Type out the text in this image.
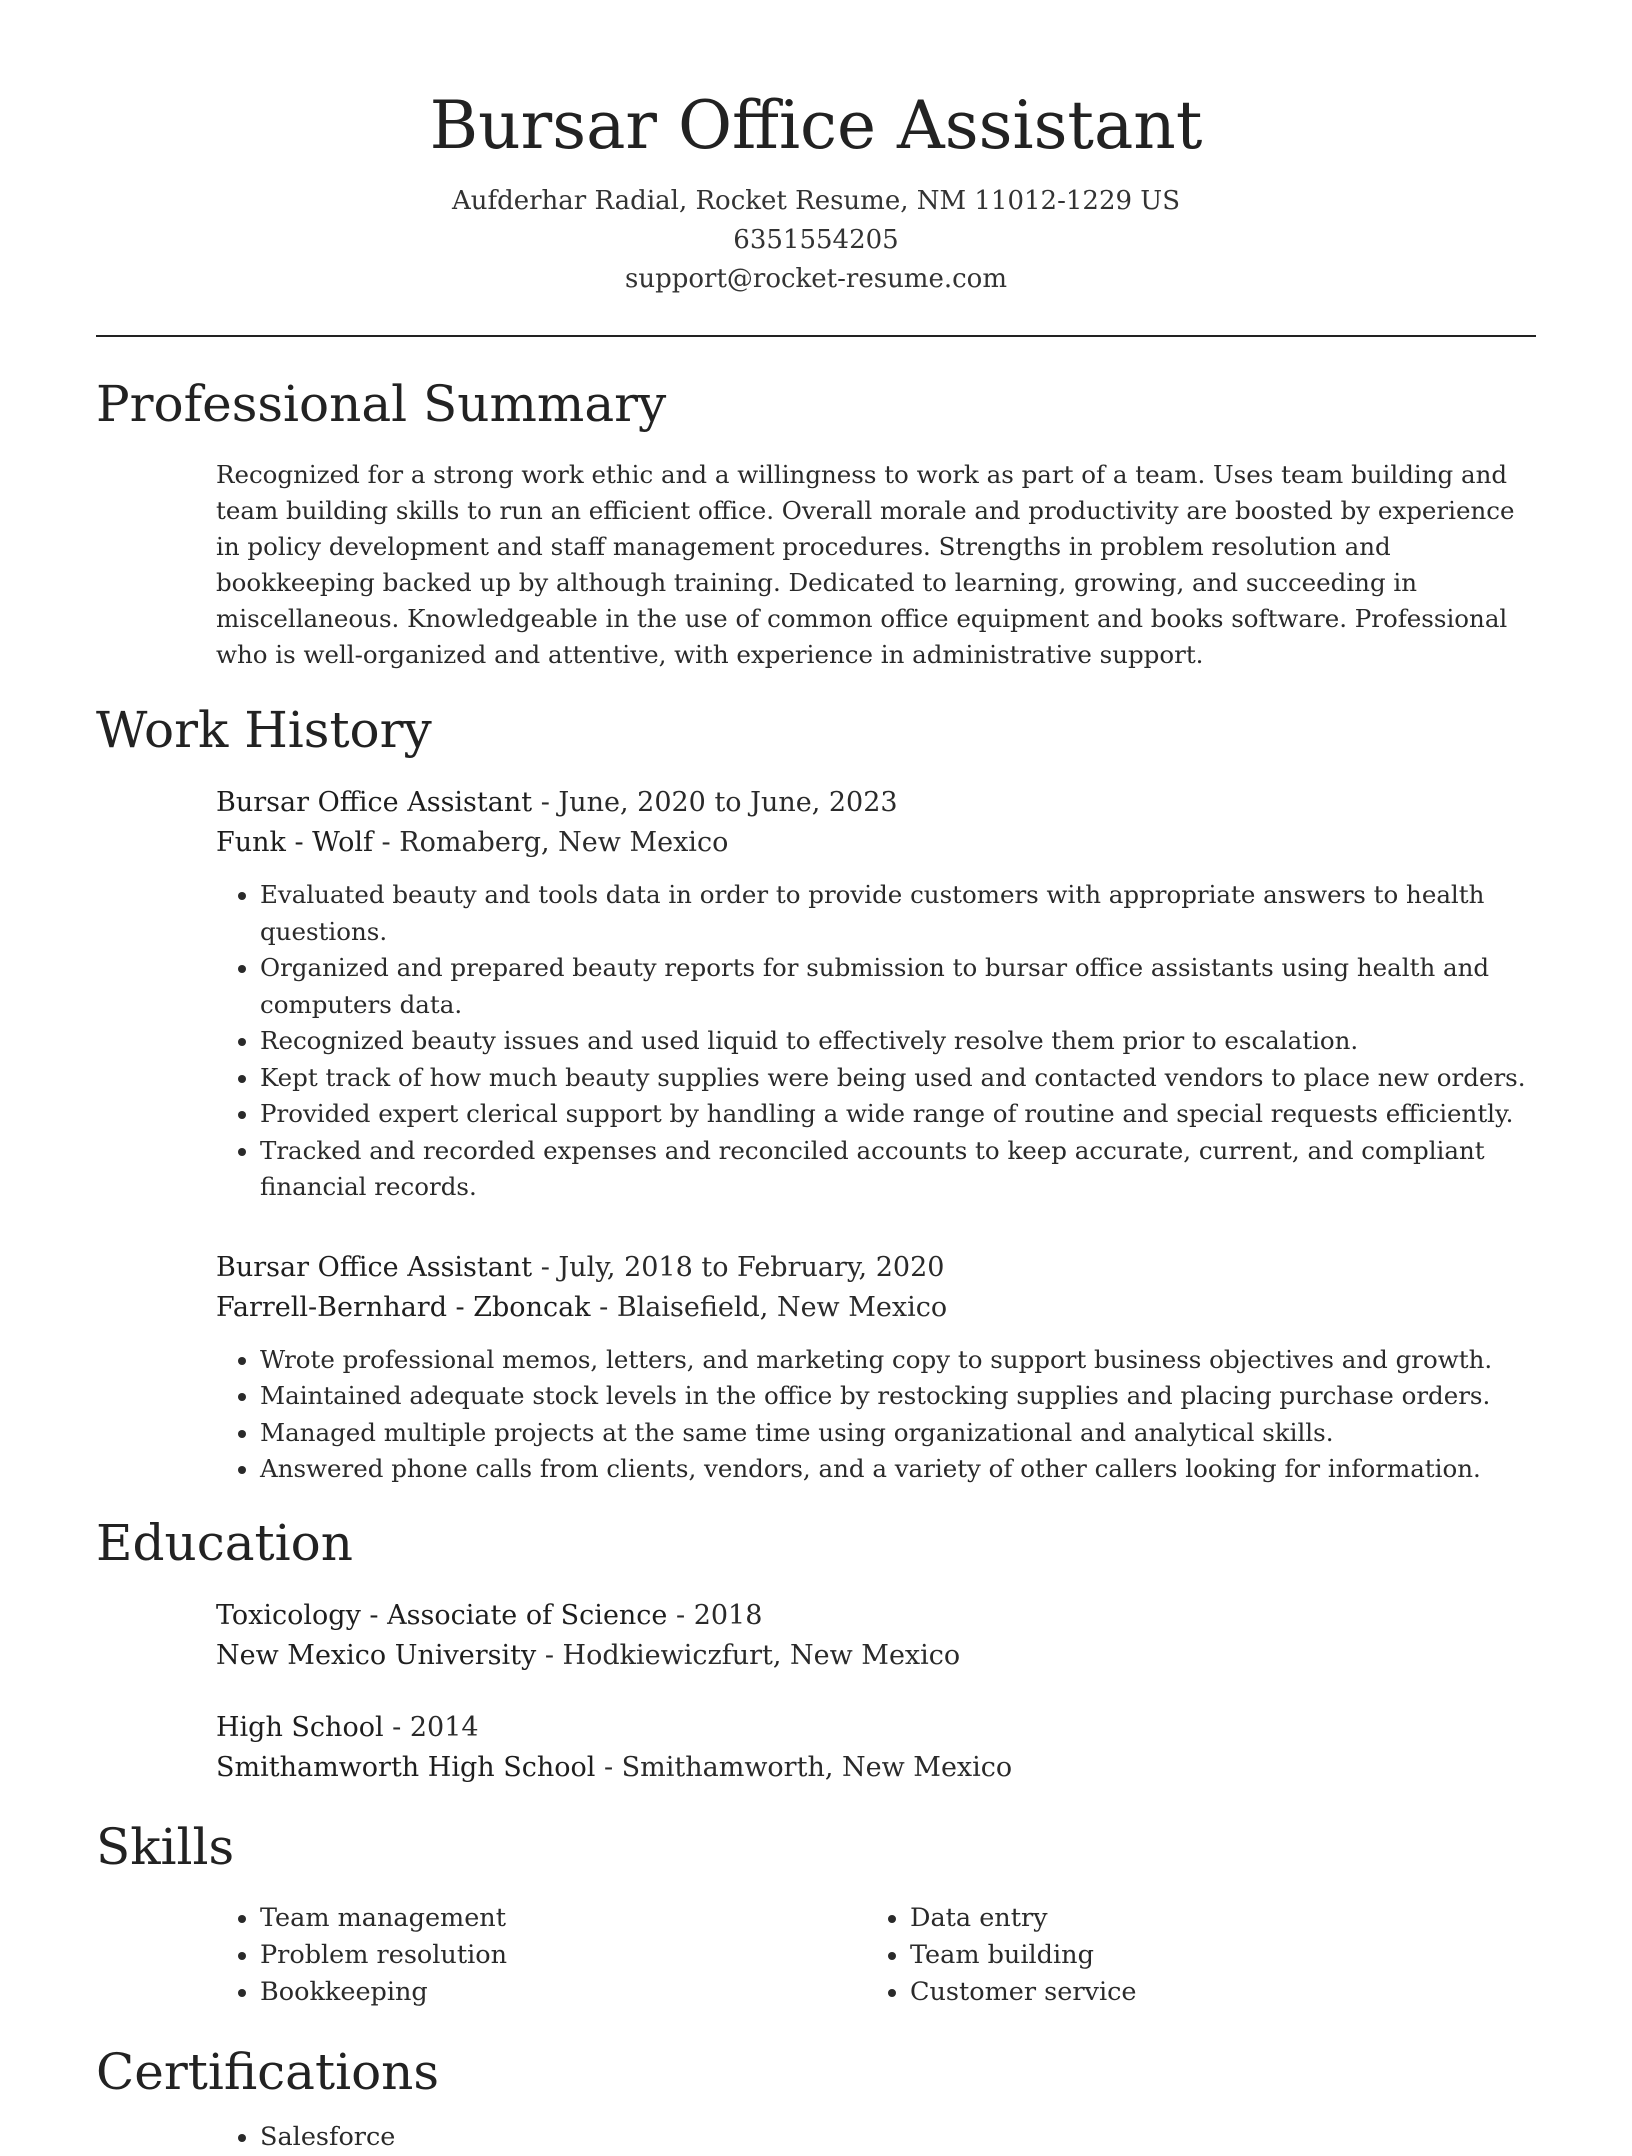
Bursar Office Assistant
Aufderhar Radial, Rocket Resume, NM 11012-1229 US
6351554205
support@rocket-resume.com
Professional Summary

Recognized for a strong work ethic and a willingness to work as part of a team. Uses team building and team building skills to run an efficient office. Overall morale and productivity are boosted by experience in policy development and staff management procedures. Strengths in problem resolution and bookkeeping backed up by although training. Dedicated to learning, growing, and succeeding in miscellaneous. Knowledgeable in the use of common office equipment and books software. Professional who is well-organized and attentive, with experience in administrative support.

Work History
Bursar Office Assistant - June, 2020 to June, 2023
Funk - Wolf - Romaberg, New Mexico
• Evaluated beauty and tools data in order to provide customers with appropriate answers to health questions.
• Organized and prepared beauty reports for submission to bursar office assistants using health and computers data.
• Recognized beauty issues and used liquid to effectively resolve them prior to escalation.
• Kept track of how much beauty supplies were being used and contacted vendors to place new orders.
• Provided expert clerical support by handling a wide range of routine and special requests efficiently.
• Tracked and recorded expenses and reconciled accounts to keep accurate, current, and compliant financial records.
Bursar Office Assistant - July, 2018 to February, 2020
Farrell-Bernhard - Zboncak - Blaisefield, New Mexico
• Wrote professional memos, letters, and marketing copy to support business objectives and growth.
• Maintained adequate stock levels in the office by restocking supplies and placing purchase orders.
• Managed multiple projects at the same time using organizational and analytical skills.
• Answered phone calls from clients, vendors, and a variety of other callers looking for information.
Education
Toxicology - Associate of Science - 2018
New Mexico University - Hodkiewiczfurt, New Mexico
High School - 2014
Smithamworth High School - Smithamworth, New Mexico
Skills
• Team management
• Problem resolution
• Bookkeeping
• Data entry
• Team building
• Customer service
Certifications
• Salesforce
